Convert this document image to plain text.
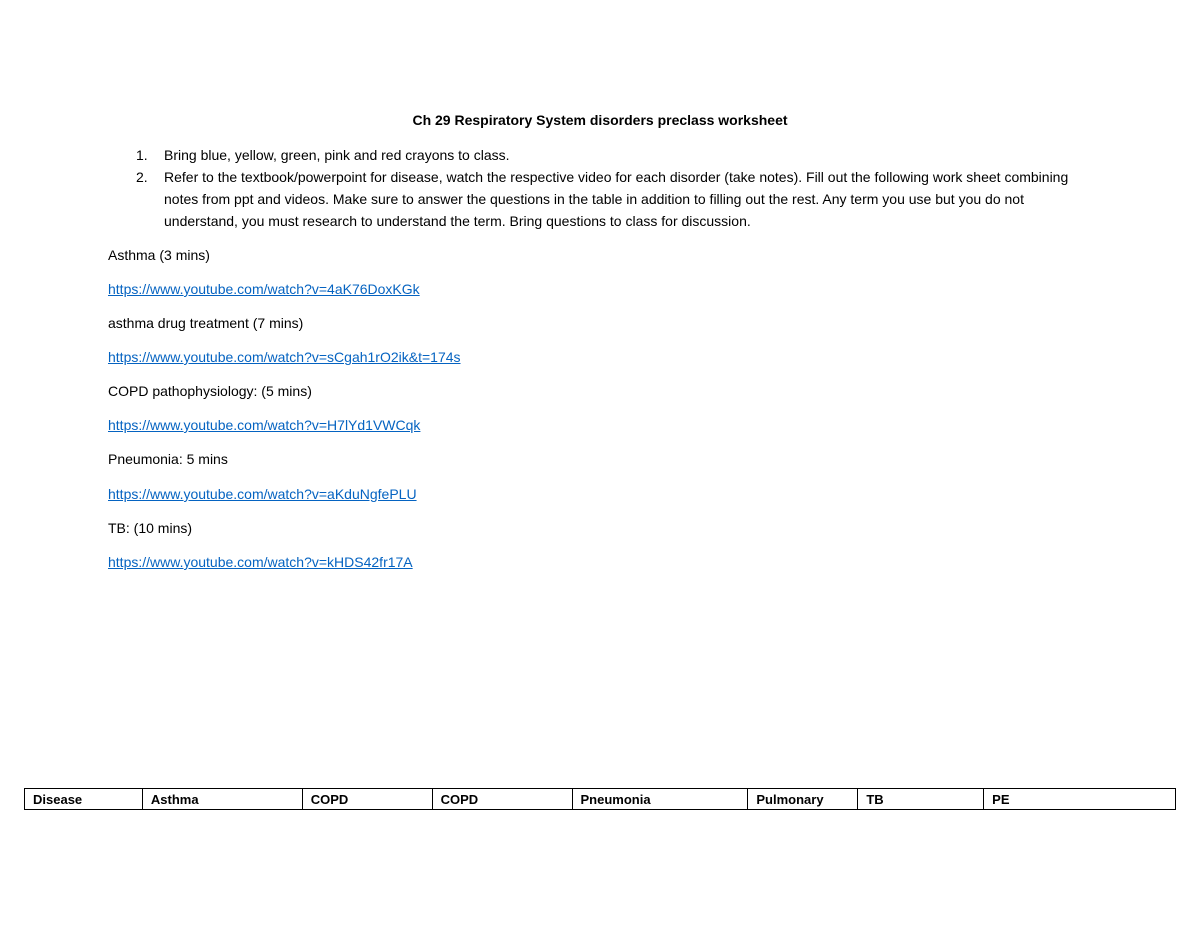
Ch 29 Respiratory System disorders preclass worksheet
1. Bring blue, yellow, green, pink and red crayons to class.
2. Refer to the textbook/powerpoint for disease, watch the respective video for each disorder (take notes). Fill out the following work sheet combining notes from ppt and videos. Make sure to answer the questions in the table in addition to filling out the rest. Any term you use but you do not understand, you must research to understand the term. Bring questions to class for discussion.
Asthma (3 mins)
https://www.youtube.com/watch?v=4aK76DoxKGk
asthma drug treatment (7 mins)
https://www.youtube.com/watch?v=sCgah1rO2ik&t=174s
COPD pathophysiology: (5 mins)
https://www.youtube.com/watch?v=H7lYd1VWCqk
Pneumonia: 5 mins
https://www.youtube.com/watch?v=aKduNgfePLU
TB: (10 mins)
https://www.youtube.com/watch?v=kHDS42fr17A
Disease	Asthma	COPD	COPD	Pneumonia	Pulmonary	TB	PE
